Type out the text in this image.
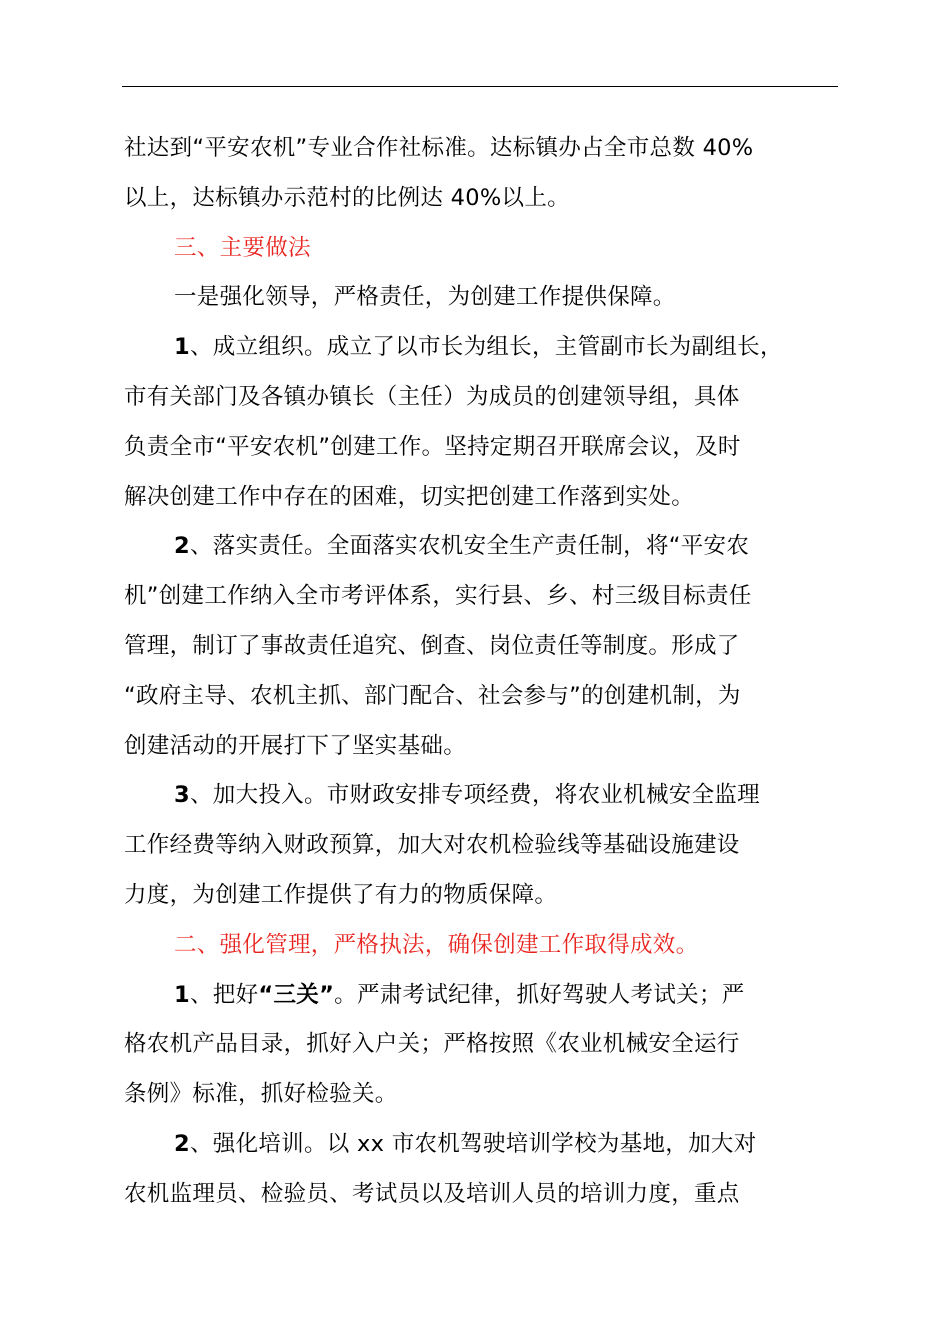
社达到“平安农机”专业合作社标准。达标镇办占全市总数 40%
以上，达标镇办示范村的比例达 40%以上。
三、主要做法
一是强化领导，严格责任，为创建工作提供保障。
1、成立组织。成立了以市长为组长，主管副市长为副组长，
市有关部门及各镇办镇长（主任）为成员的创建领导组，具体
负责全市“平安农机”创建工作。坚持定期召开联席会议，及时
解决创建工作中存在的困难，切实把创建工作落到实处。
2、落实责任。全面落实农机安全生产责任制，将“平安农
机”创建工作纳入全市考评体系，实行县、乡、村三级目标责任
管理，制订了事故责任追究、倒查、岗位责任等制度。形成了
“政府主导、农机主抓、部门配合、社会参与”的创建机制，为
创建活动的开展打下了坚实基础。
3、加大投入。市财政安排专项经费，将农业机械安全监理
工作经费等纳入财政预算，加大对农机检验线等基础设施建设
力度，为创建工作提供了有力的物质保障。
二、强化管理，严格执法，确保创建工作取得成效。
1、把好“三关”。严肃考试纪律，抓好驾驶人考试关；严
格农机产品目录，抓好入户关；严格按照《农业机械安全运行
条例》标准，抓好检验关。
2、强化培训。以 xx 市农机驾驶培训学校为基地，加大对
农机监理员、检验员、考试员以及培训人员的培训力度，重点
